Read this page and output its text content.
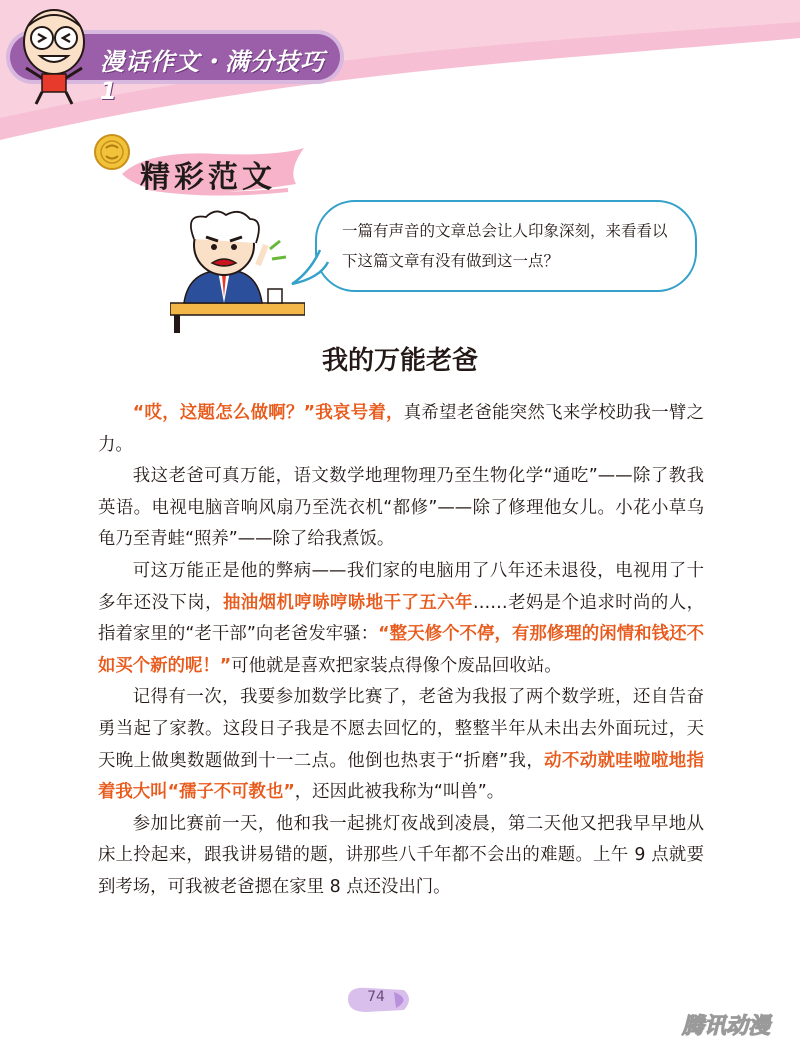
漫话作文・满分技巧1
精彩范文
一篇有声音的文章总会让人印象深刻，来看看以下这篇文章有没有做到这一点？
我的万能老爸

“哎，这题怎么做啊？”我哀号着，真希望老爸能突然飞来学校助我一臂之力。

我这老爸可真万能，语文数学地理物理乃至生物化学“通吃”——除了教我英语。电视电脑音响风扇乃至洗衣机“都修”——除了修理他女儿。小花小草乌龟乃至青蛙“照养”——除了给我煮饭。

可这万能正是他的弊病——我们家的电脑用了八年还未退役，电视用了十多年还没下岗，抽油烟机哼哧哼哧地干了五六年……老妈是个追求时尚的人，指着家里的“老干部”向老爸发牢骚：“整天修个不停，有那修理的闲情和钱还不如买个新的呢！”可他就是喜欢把家装点得像个废品回收站。

记得有一次，我要参加数学比赛了，老爸为我报了两个数学班，还自告奋勇当起了家教。这段日子我是不愿去回忆的，整整半年从未出去外面玩过，天天晚上做奥数题做到十一二点。他倒也热衷于“折磨”我，动不动就哇啦啦地指着我大叫“孺子不可教也”，还因此被我称为“叫兽”。

参加比赛前一天，他和我一起挑灯夜战到凌晨，第二天他又把我早早地从床上拎起来，跟我讲易错的题，讲那些八千年都不会出的难题。上午 9 点就要到考场，可我被老爸摁在家里 8 点还没出门。

74
腾讯动漫
